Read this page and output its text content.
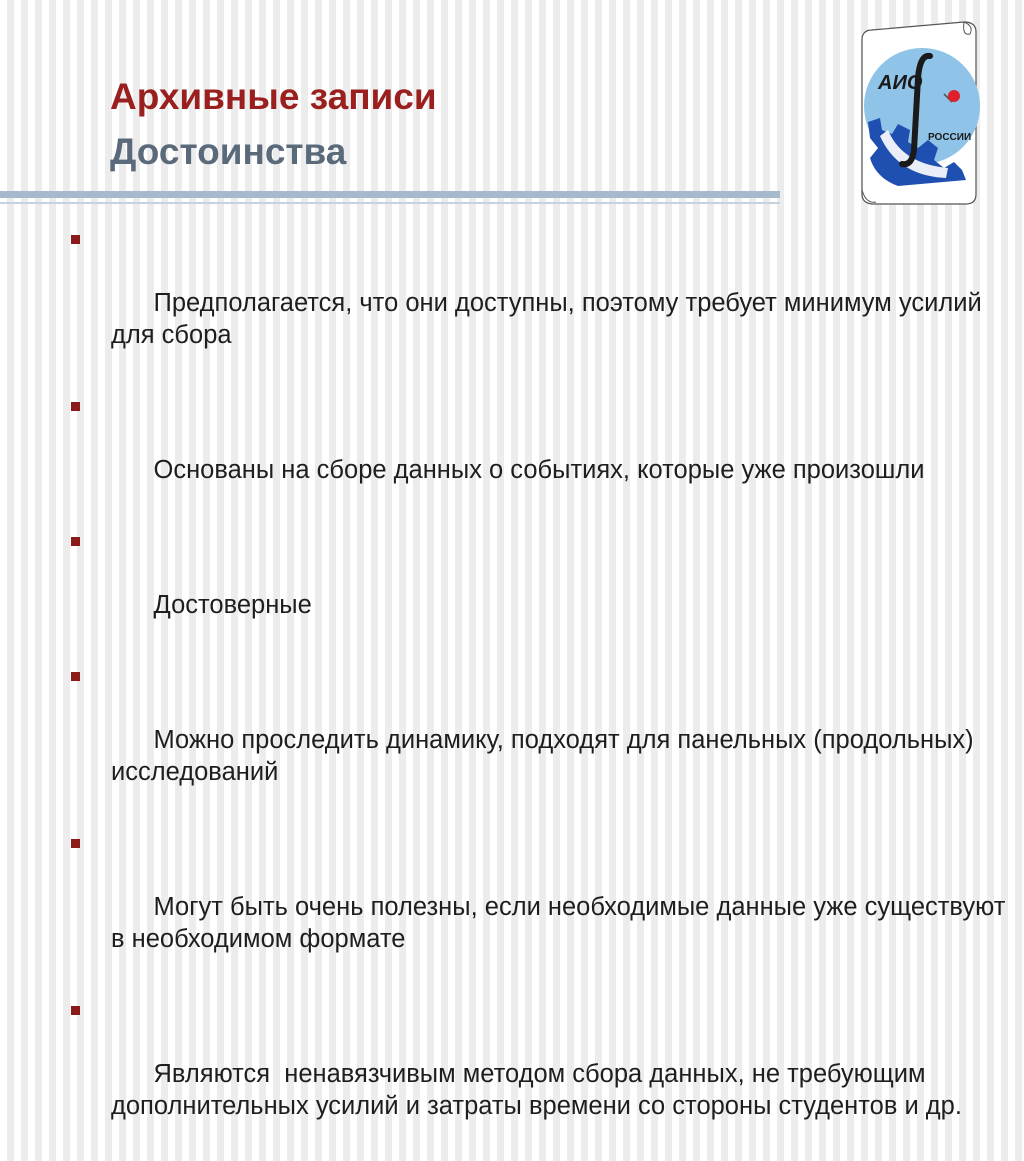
Архивные записи
Достоинства
АИО
РОССИИ

Предполагается, что они доступны, поэтому требует минимум усилий для сбора

Основаны на сборе данных о событиях, которые уже произошли

Достоверные

Можно проследить динамику, подходят для панельных (продольных) исследований

Могут быть очень полезны, если необходимые данные уже существуют в необходимом формате

Являются  ненавязчивым методом сбора данных, не требующим дополнительных усилий и затраты времени со стороны студентов и др.
